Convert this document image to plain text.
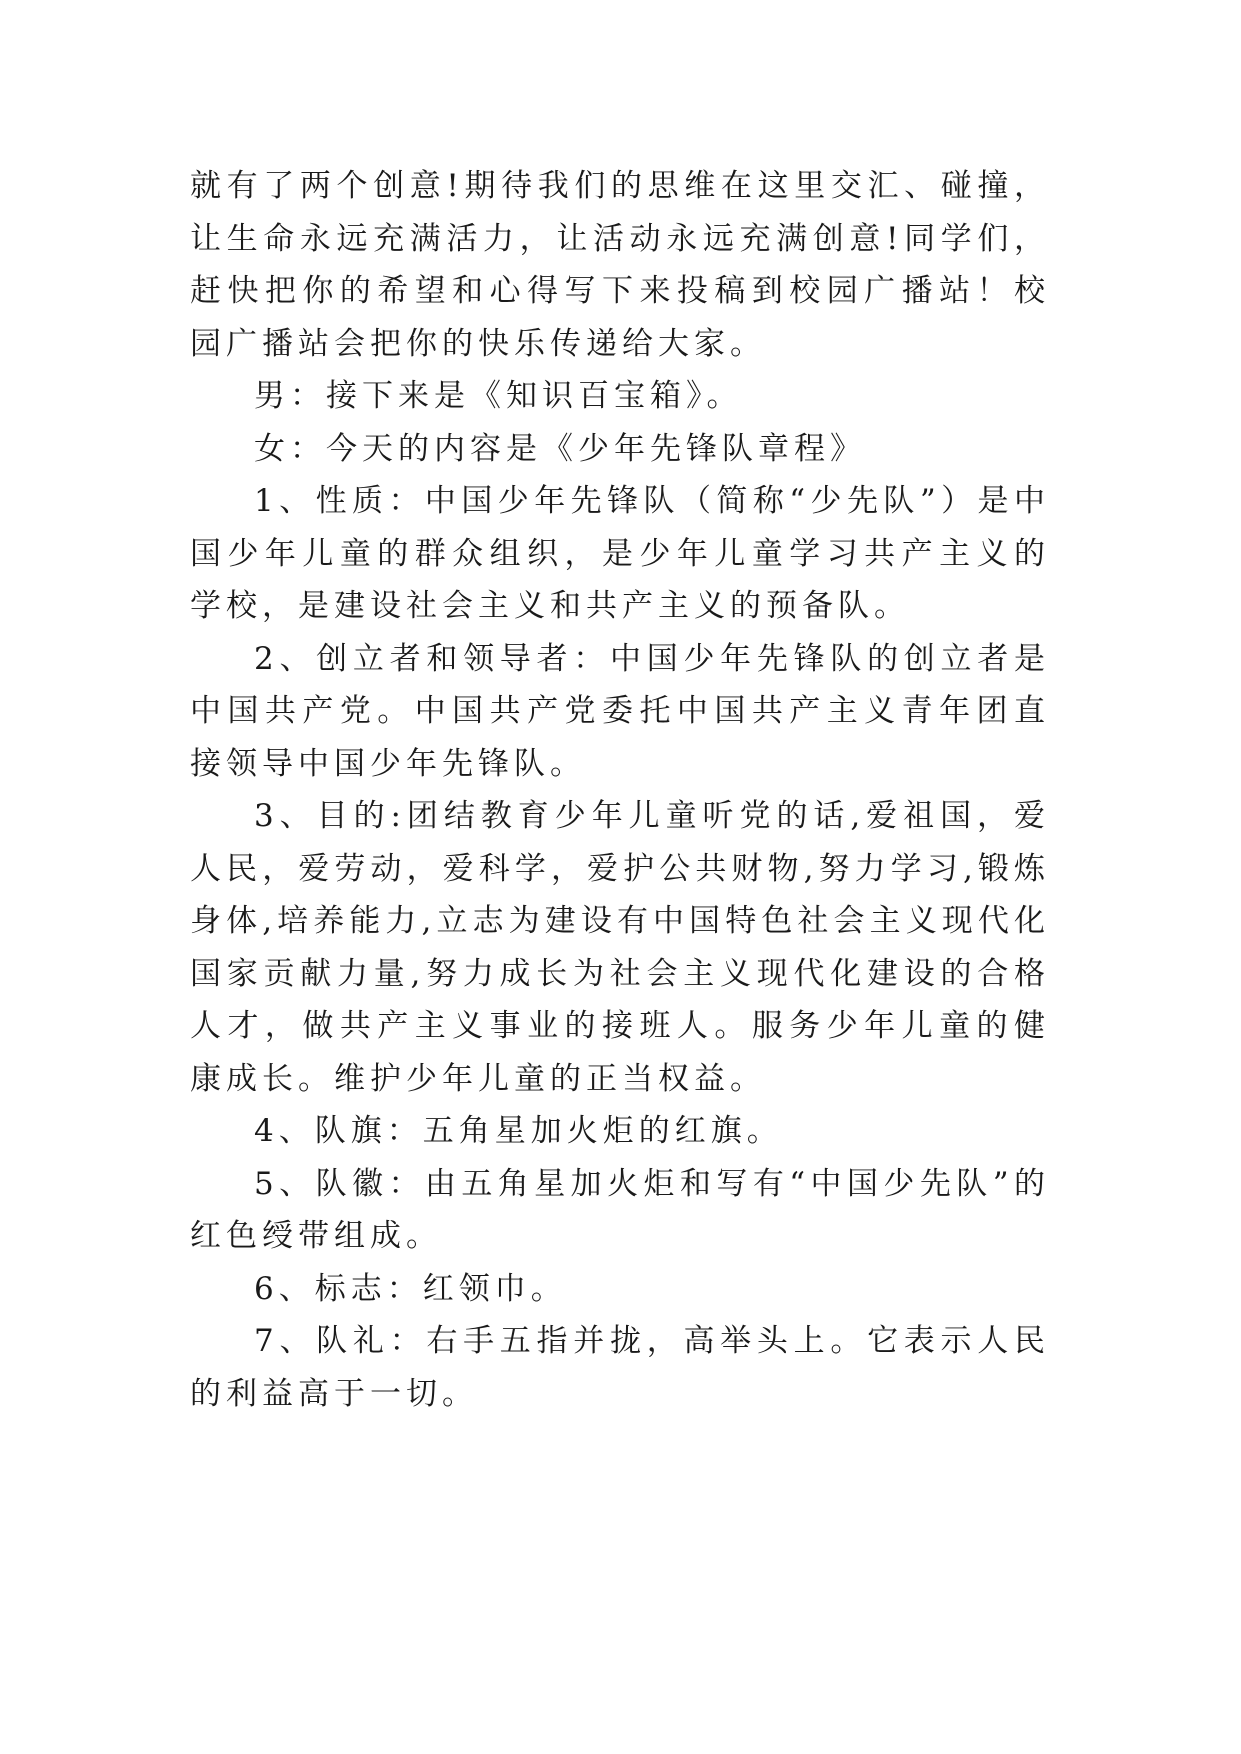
就有了两个创意!期待我们的思维在这里交汇、碰撞，让生命永远充满活力，让活动永远充满创意!同学们，赶快把你的希望和心得写下来投稿到校园广播站！校园广播站会把你的快乐传递给大家。

男：接下来是《知识百宝箱》。

女：今天的内容是《少年先锋队章程》

1、性质：中国少年先锋队（简称“少先队”）是中国少年儿童的群众组织，是少年儿童学习共产主义的学校，是建设社会主义和共产主义的预备队。

2、创立者和领导者：中国少年先锋队的创立者是中国共产党。中国共产党委托中国共产主义青年团直接领导中国少年先锋队。

3、目的:团结教育少年儿童听党的话,爱祖国，爱人民，爱劳动，爱科学，爱护公共财物,努力学习,锻炼身体,培养能力,立志为建设有中国特色社会主义现代化国家贡献力量,努力成长为社会主义现代化建设的合格人才，做共产主义事业的接班人。服务少年儿童的健康成长。维护少年儿童的正当权益。

4、队旗：五角星加火炬的红旗。

5、队徽：由五角星加火炬和写有“中国少先队”的红色绶带组成。

6、标志：红领巾。

7、队礼：右手五指并拢，高举头上。它表示人民的利益高于一切。
